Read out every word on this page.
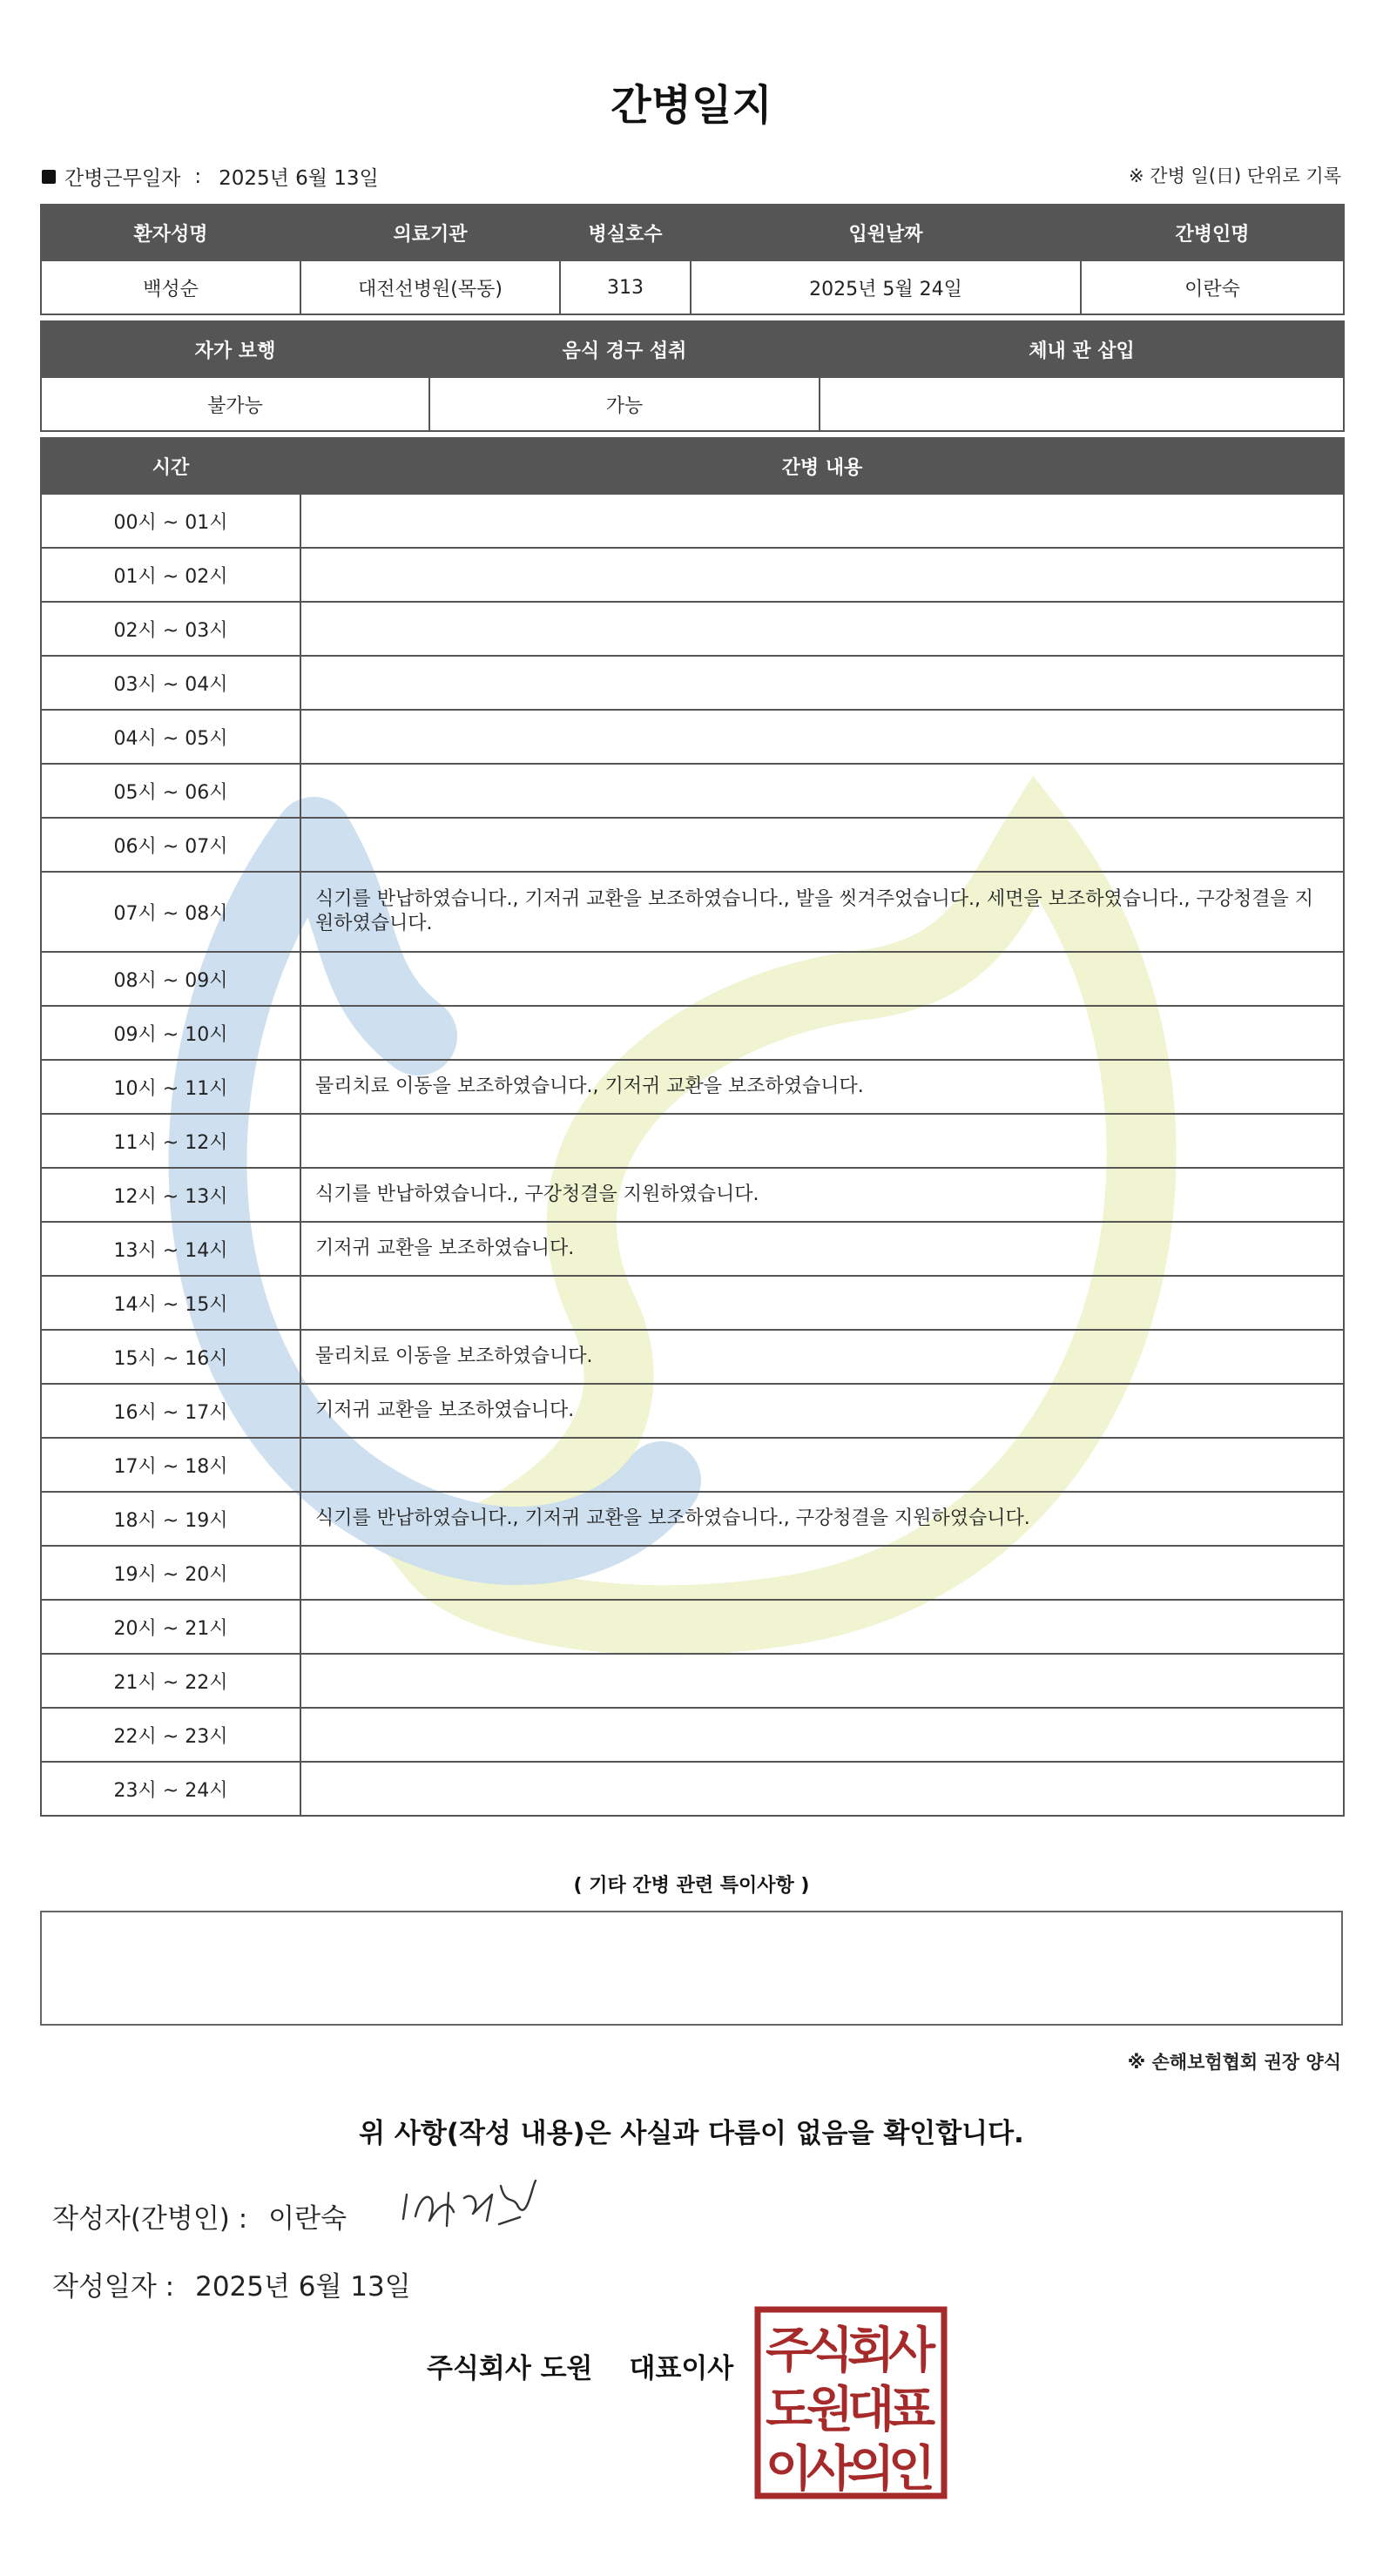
간병일지
간병근무일자 : 2025년 6월 13일	※ 간병 일(日) 단위로 기록
환자성명	의료기관	병실호수	입원날짜	간병인명
백성순	대전선병원(목동)	313	2025년 5월 24일	이란숙
자가 보행	음식 경구 섭취	체내 관 삽입
불가능	가능	
시간	간병 내용
00시 ~ 01시	
01시 ~ 02시	
02시 ~ 03시	
03시 ~ 04시	
04시 ~ 05시	
05시 ~ 06시	
06시 ~ 07시	
07시 ~ 08시	식기를 반납하였습니다., 기저귀 교환을 보조하였습니다., 발을 씻겨주었습니다., 세면을 보조하였습니다., 구강청결을 지원하였습니다.
08시 ~ 09시	
09시 ~ 10시	
10시 ~ 11시	물리치료 이동을 보조하였습니다., 기저귀 교환을 보조하였습니다.
11시 ~ 12시	
12시 ~ 13시	식기를 반납하였습니다., 구강청결을 지원하였습니다.
13시 ~ 14시	기저귀 교환을 보조하였습니다.
14시 ~ 15시	
15시 ~ 16시	물리치료 이동을 보조하였습니다.
16시 ~ 17시	기저귀 교환을 보조하였습니다.
17시 ~ 18시	
18시 ~ 19시	식기를 반납하였습니다., 기저귀 교환을 보조하였습니다., 구강청결을 지원하였습니다.
19시 ~ 20시	
20시 ~ 21시	
21시 ~ 22시	
22시 ~ 23시	
23시 ~ 24시	
( 기타 간병 관련 특이사항 )
※ 손해보험협회 권장 양식
위 사항(작성 내용)은 사실과 다름이 없음을 확인합니다.
작성자(간병인) : 이란숙
작성일자 : 2025년 6월 13일
주식회사 도원 대표이사 주
식
회
사
도
원
대
표
이
사
의
인
